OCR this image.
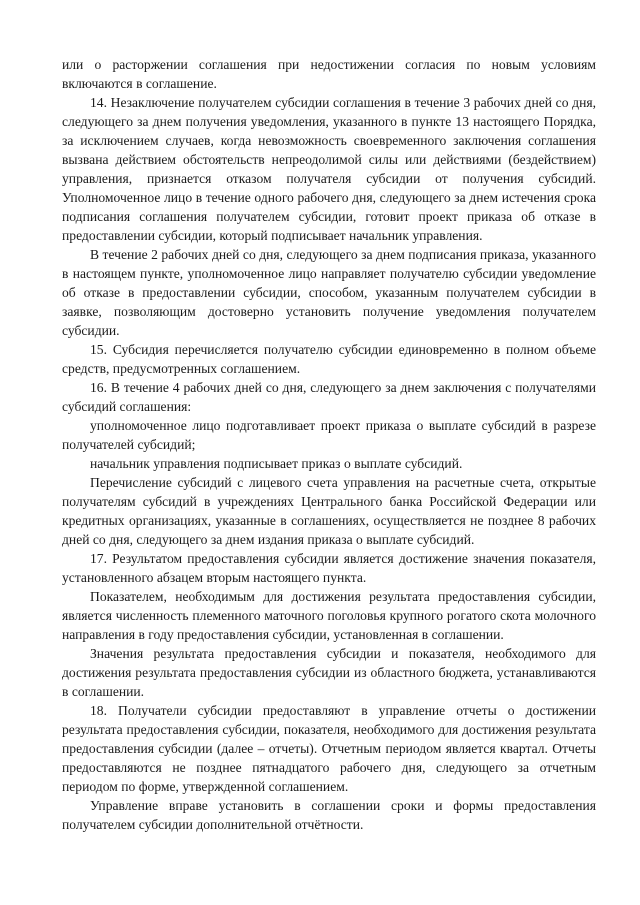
или о расторжении соглашения при недостижении согласия по новым условиям включаются в соглашение.

14. Незаключение получателем субсидии соглашения в течение 3 рабочих дней со дня, следующего за днем получения уведомления, указанного в пункте 13 настоящего Порядка, за исключением случаев, когда невозможность своевременного заключения соглашения вызвана действием обстоятельств непреодолимой силы или действиями (бездействием) управления, признается отказом получателя субсидии от получения субсидий. Уполномоченное лицо в течение одного рабочего дня, следующего за днем истечения срока подписания соглашения получателем субсидии, готовит проект приказа об отказе в предоставлении субсидии, который подписывает начальник управления.

В течение 2 рабочих дней со дня, следующего за днем подписания приказа, указанного в настоящем пункте, уполномоченное лицо направляет получателю субсидии уведомление об отказе в предоставлении субсидии, способом, указанным получателем субсидии в заявке, позволяющим достоверно установить получение уведомления получателем субсидии.

15. Субсидия перечисляется получателю субсидии единовременно в полном объеме средств, предусмотренных соглашением.

16. В течение 4 рабочих дней со дня, следующего за днем заключения с получателями субсидий соглашения:

уполномоченное лицо подготавливает проект приказа о выплате субсидий в разрезе получателей субсидий;

начальник управления подписывает приказ о выплате субсидий.

Перечисление субсидий с лицевого счета управления на расчетные счета, открытые получателям субсидий в учреждениях Центрального банка Российской Федерации или кредитных организациях, указанные в соглашениях, осуществляется не позднее 8 рабочих дней со дня, следующего за днем издания приказа о выплате субсидий.

17. Результатом предоставления субсидии является достижение значения показателя, установленного абзацем вторым настоящего пункта.

Показателем, необходимым для достижения результата предоставления субсидии, является численность племенного маточного поголовья крупного рогатого скота молочного направления в году предоставления субсидии, установленная в соглашении.

Значения результата предоставления субсидии и показателя, необходимого для достижения результата предоставления субсидии из областного бюджета, устанавливаются в соглашении.

18. Получатели субсидии предоставляют в управление отчеты о достижении результата предоставления субсидии, показателя, необходимого для достижения результата предоставления субсидии (далее – отчеты). Отчетным периодом является квартал. Отчеты предоставляются не позднее пятнадцатого рабочего дня, следующего за отчетным периодом по форме, утвержденной соглашением.

Управление вправе установить в соглашении сроки и формы предоставления получателем субсидии дополнительной отчётности.
